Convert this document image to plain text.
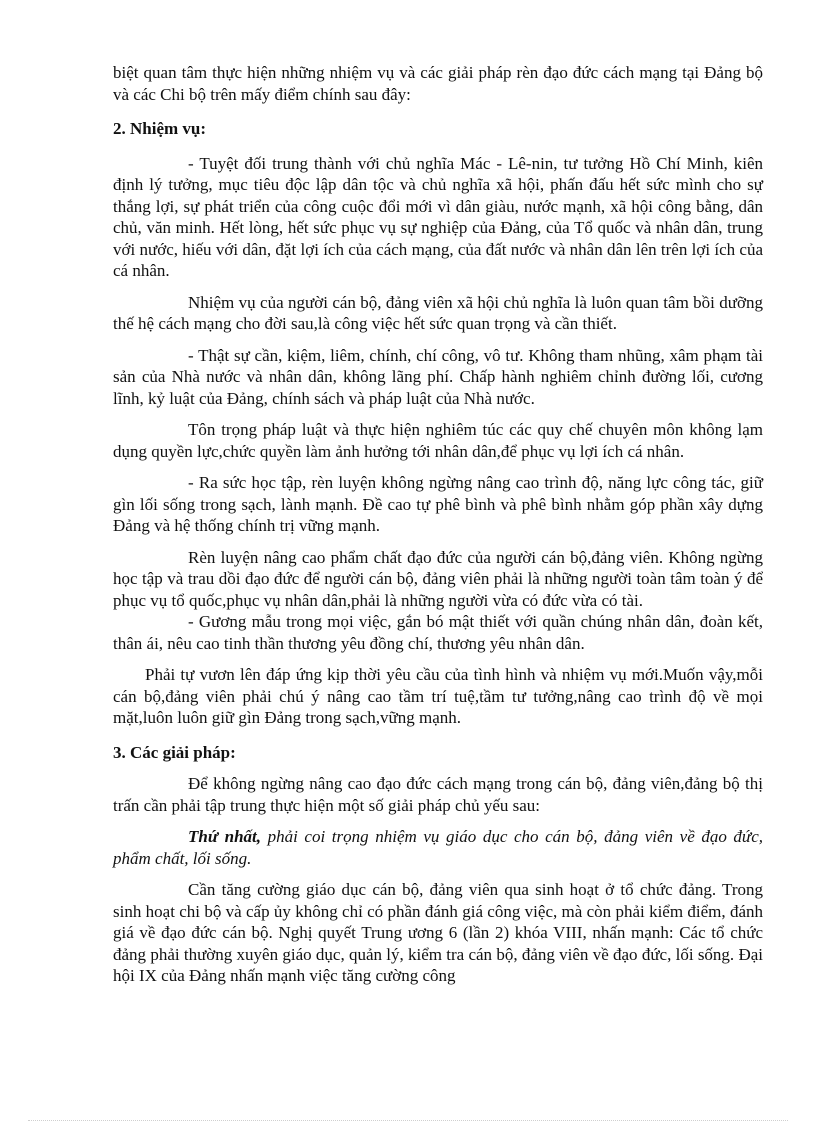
biệt quan tâm thực hiện những nhiệm vụ và các giải pháp rèn đạo đức cách mạng tại Đảng bộ và các Chi bộ trên mấy điểm chính sau đây:

2. Nhiệm vụ:

- Tuyệt đối trung thành với chủ nghĩa Mác - Lê-nin, tư tưởng Hồ Chí Minh, kiên định lý tưởng, mục tiêu độc lập dân tộc và chủ nghĩa xã hội, phấn đấu hết sức mình cho sự thắng lợi, sự phát triển của công cuộc đổi mới vì dân giàu, nước mạnh, xã hội công bằng, dân chủ, văn minh. Hết lòng, hết sức phục vụ sự nghiệp của Đảng, của Tổ quốc và nhân dân, trung với nước, hiếu với dân, đặt lợi ích của cách mạng, của đất nước và nhân dân lên trên lợi ích của cá nhân.

Nhiệm vụ của người cán bộ, đảng viên xã hội chủ nghĩa là luôn quan tâm bồi dưỡng thế hệ cách mạng cho đời sau,là công việc hết sức quan trọng và cần thiết.

- Thật sự cần, kiệm, liêm, chính, chí công, vô tư. Không tham nhũng, xâm phạm tài sản của Nhà nước và nhân dân, không lãng phí. Chấp hành nghiêm chỉnh đường lối, cương lĩnh, kỷ luật của Đảng, chính sách và pháp luật của Nhà nước.

Tôn trọng pháp luật và thực hiện nghiêm túc các quy chế chuyên môn không lạm dụng quyền lực,chức quyền làm ảnh hưởng tới nhân dân,để phục vụ lợi ích cá nhân.

- Ra sức học tập, rèn luyện không ngừng nâng cao trình độ, năng lực công tác, giữ gìn lối sống trong sạch, lành mạnh. Đề cao tự phê bình và phê bình nhằm góp phần xây dựng Đảng và hệ thống chính trị vững mạnh.

Rèn luyện nâng cao phẩm chất đạo đức của người cán bộ,đảng viên. Không ngừng học tập và trau dồi đạo đức để người cán bộ, đảng viên phải là những người toàn tâm toàn ý để phục vụ tổ quốc,phục vụ nhân dân,phải là những người vừa có đức vừa có tài.

- Gương mẫu trong mọi việc, gắn bó mật thiết với quần chúng nhân dân, đoàn kết, thân ái, nêu cao tinh thần thương yêu đồng chí, thương yêu nhân dân.

Phải tự vươn lên đáp ứng kịp thời yêu cầu của tình hình và nhiệm vụ mới.Muốn vậy,mỗi cán bộ,đảng viên phải chú ý nâng cao tầm trí tuệ,tầm tư tưởng,nâng cao trình độ về mọi mặt,luôn luôn giữ gìn Đảng trong sạch,vững mạnh.

3. Các giải pháp:

Để không ngừng nâng cao đạo đức cách mạng trong cán bộ, đảng viên,đảng bộ thị trấn cần phải tập trung thực hiện một số giải pháp chủ yếu sau:

Thứ nhất, phải coi trọng nhiệm vụ giáo dục cho cán bộ, đảng viên về đạo đức, phẩm chất, lối sống.

Cần tăng cường giáo dục cán bộ, đảng viên qua sinh hoạt ở tổ chức đảng. Trong sinh hoạt chi bộ và cấp ủy không chỉ có phần đánh giá công việc, mà còn phải kiểm điểm, đánh giá về đạo đức cán bộ. Nghị quyết Trung ương 6 (lần 2) khóa VIII, nhấn mạnh: Các tổ chức đảng phải thường xuyên giáo dục, quản lý, kiểm tra cán bộ, đảng viên về đạo đức, lối sống. Đại hội IX của Đảng nhấn mạnh việc tăng cường công
